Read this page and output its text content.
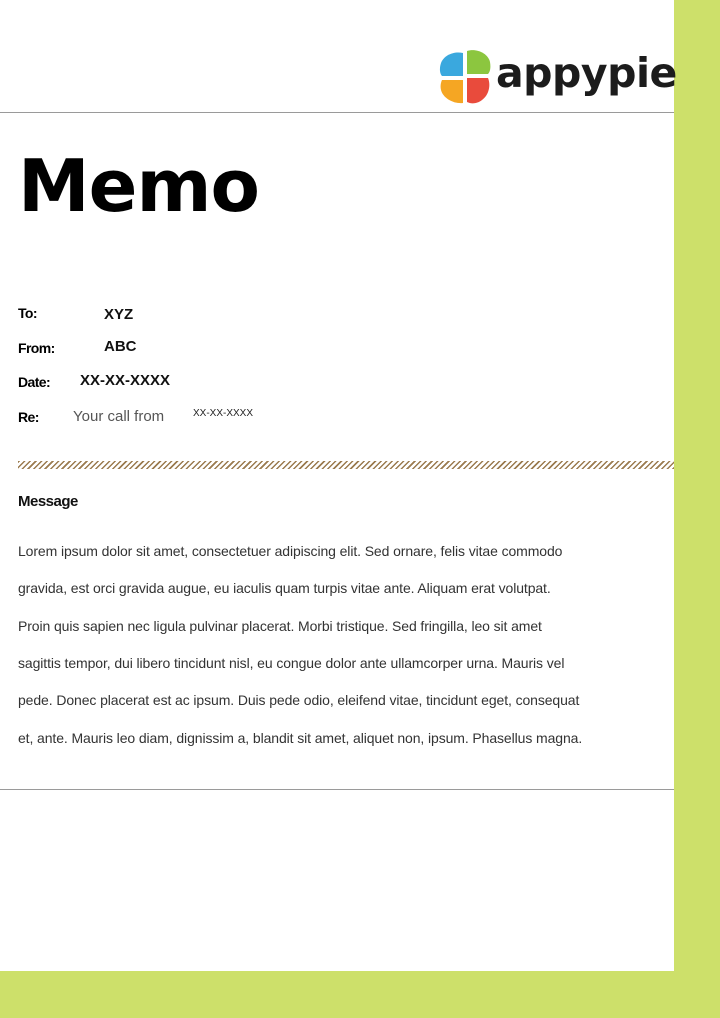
appypie
Memo
To:	XYZ
From:	ABC
Date: XX-XX-XXXX
Re: Your call from	XX-XX-XXXX
Message
Lorem ipsum dolor sit amet, consectetuer adipiscing elit. Sed ornare, felis vitae commodo
gravida, est orci gravida augue, eu iaculis quam turpis vitae ante. Aliquam erat volutpat.
Proin quis sapien nec ligula pulvinar placerat. Morbi tristique. Sed fringilla, leo sit amet
sagittis tempor, dui libero tincidunt nisl, eu congue dolor ante ullamcorper urna. Mauris vel
pede. Donec placerat est ac ipsum. Duis pede odio, eleifend vitae, tincidunt eget, consequat
et, ante. Mauris leo diam, dignissim a, blandit sit amet, aliquet non, ipsum. Phasellus magna.
